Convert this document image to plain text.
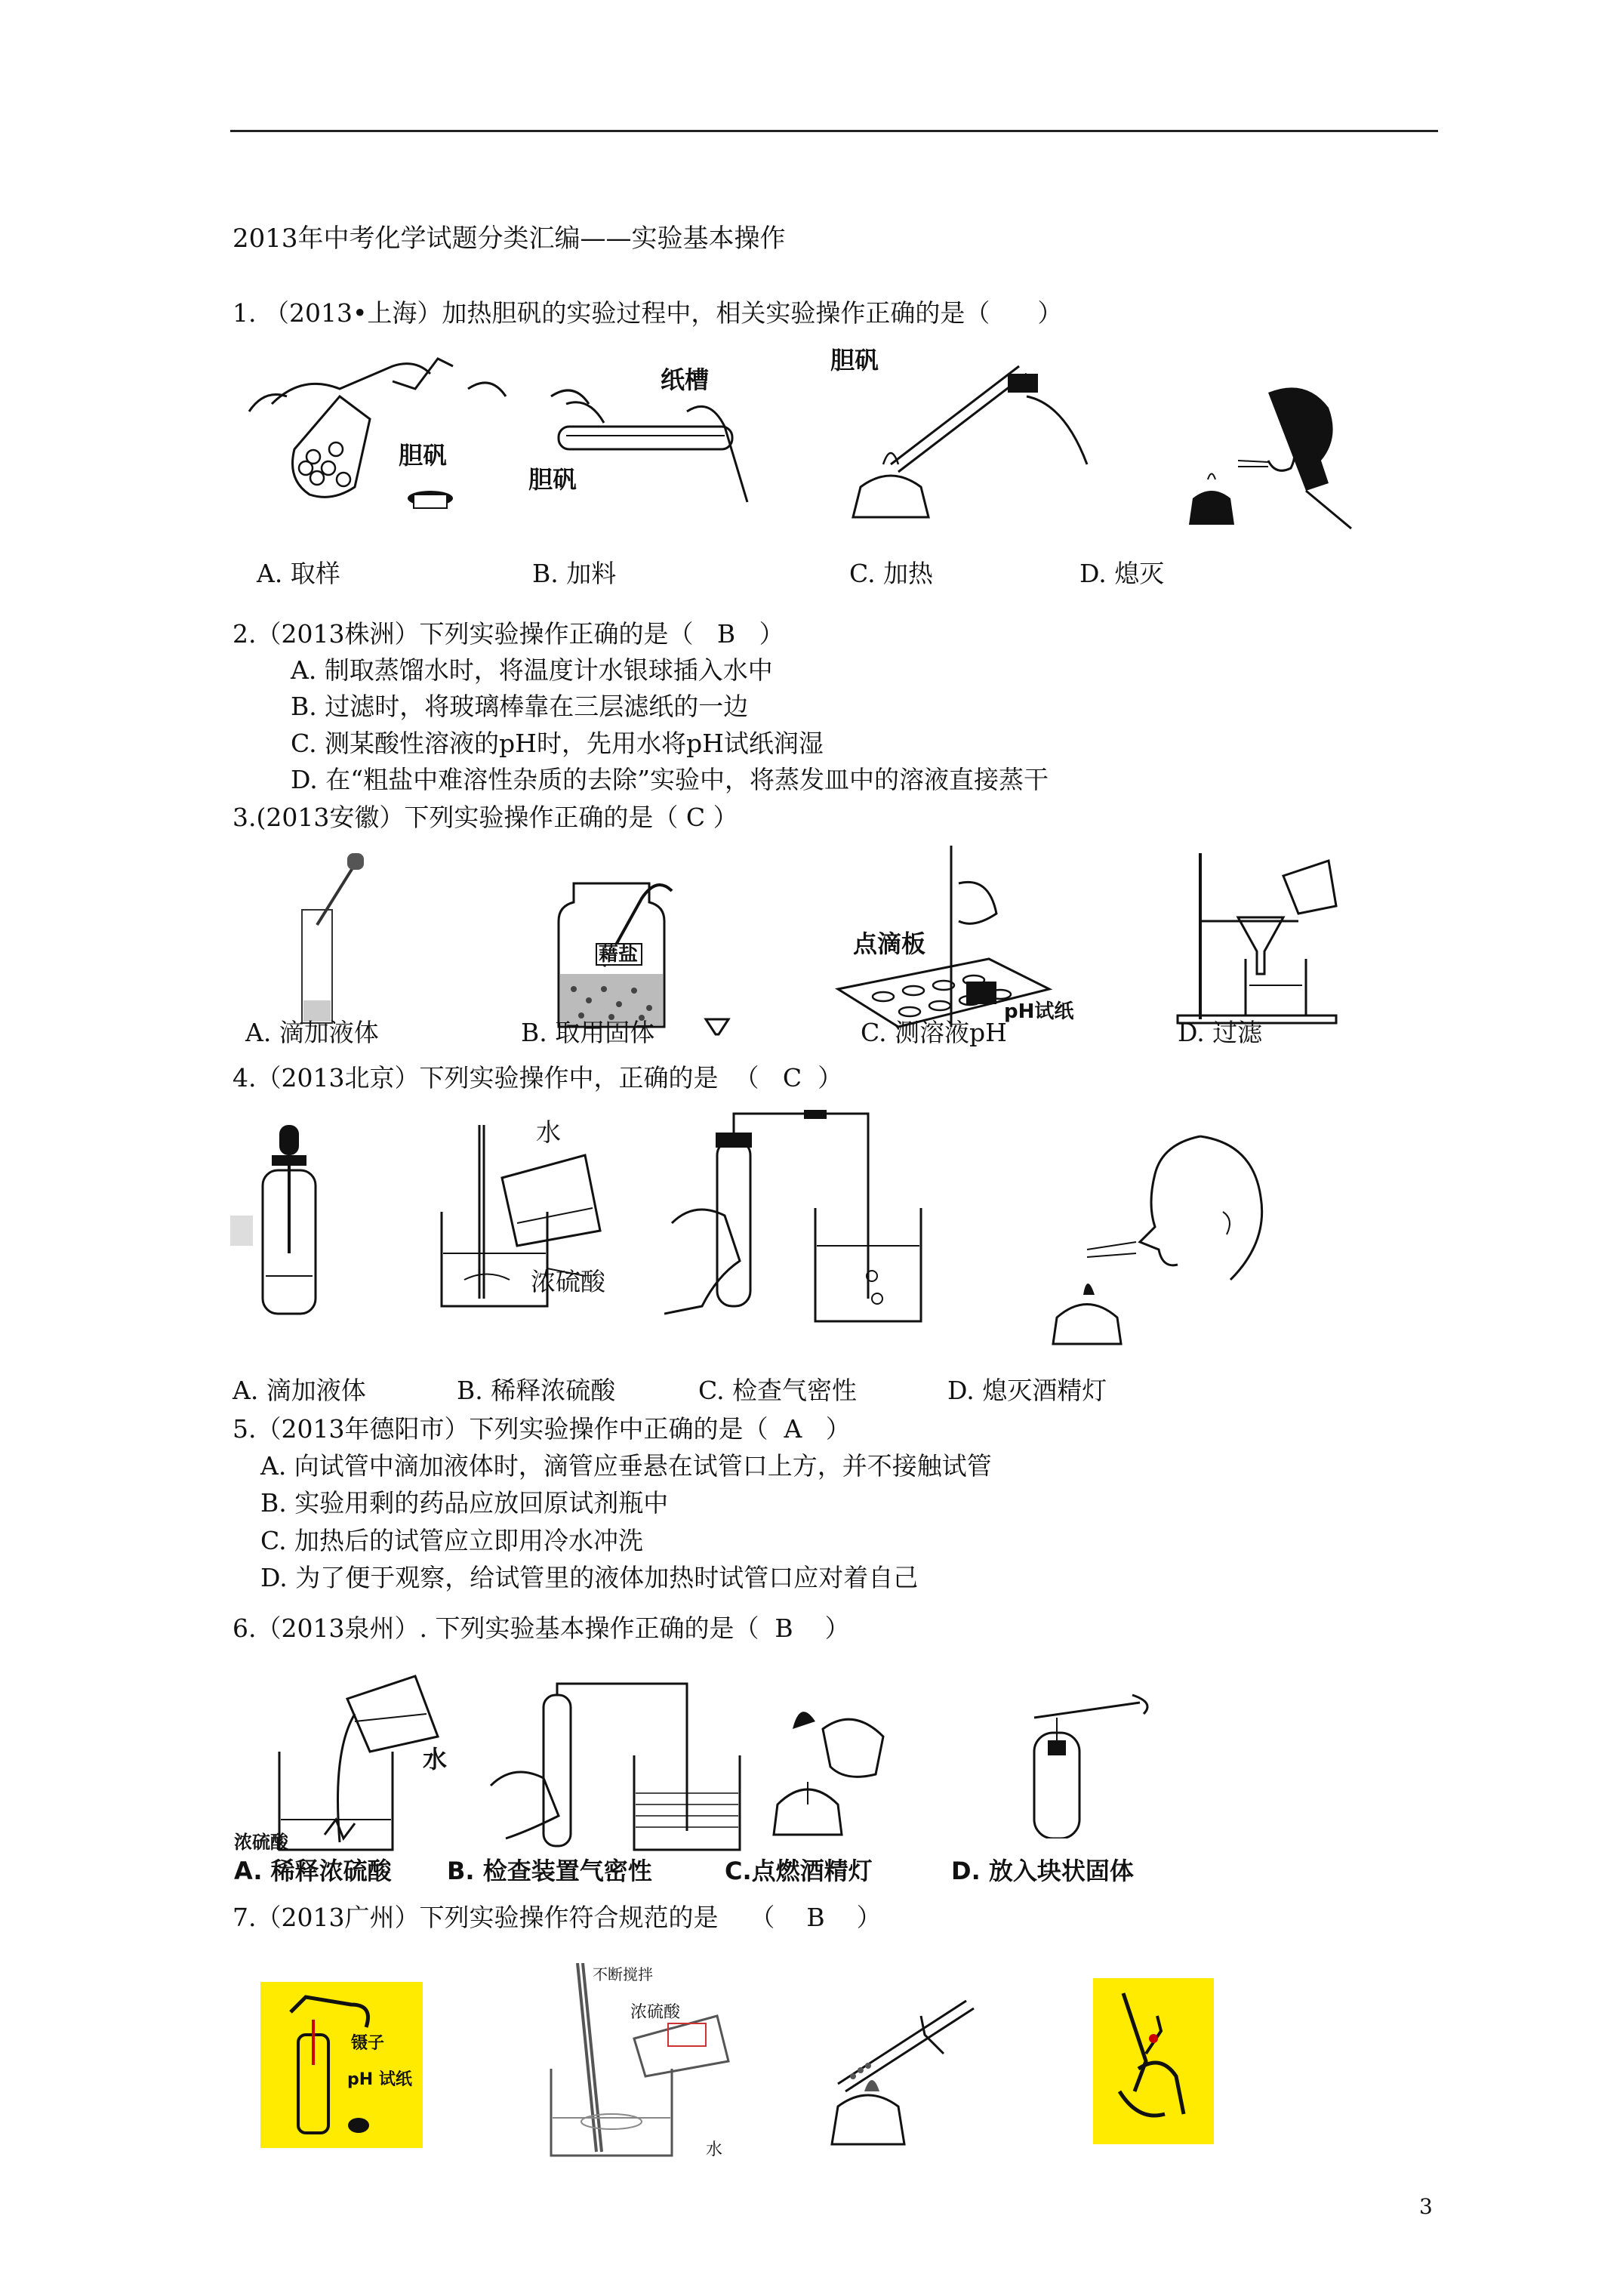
2013年中考化学试题分类汇编——实验基本操作
1. （2013•上海）加热胆矾的实验过程中，相关实验操作正确的是（      ）
胆矾
纸槽
胆矾
胆矾
A. 取样	B. 加料	C. 加热	D. 熄灭
2.（2013株洲）下列实验操作正确的是（   B   ）
A. 制取蒸馏水时，将温度计水银球插入水中
B. 过滤时，将玻璃棒靠在三层滤纸的一边
C. 测某酸性溶液的pH时，先用水将pH试纸润湿
D. 在“粗盐中难溶性杂质的去除”实验中，将蒸发皿中的溶液直接蒸干
3.(2013安徽）下列实验操作正确的是（ C ）
藉盐	点滴板
pH试纸
A. 滴加液体	B. 取用固体	C. 测溶液pH	D. 过滤
4.（2013北京）下列实验操作中，正确的是  （   C  ）
水
浓硫酸
A. 滴加液体	B. 稀释浓硫酸	C. 检查气密性	D. 熄灭酒精灯
5.（2013年德阳市）下列实验操作中正确的是（  A   ）
A. 向试管中滴加液体时，滴管应垂悬在试管口上方，并不接触试管
B. 实验用剩的药品应放回原试剂瓶中
C. 加热后的试管应立即用冷水冲洗
D. 为了便于观察，给试管里的液体加热时试管口应对着自己
6.（2013泉州）. 下列实验基本操作正确的是（  B    ）
水
浓硫酸
A. 稀释浓硫酸 B. 检查装置气密性	C.点燃酒精灯	D. 放入块状固体
7.（2013广州）下列实验操作符合规范的是    （    B    ）
镊子
pH 试纸
不断搅拌
浓硫酸
水
3
